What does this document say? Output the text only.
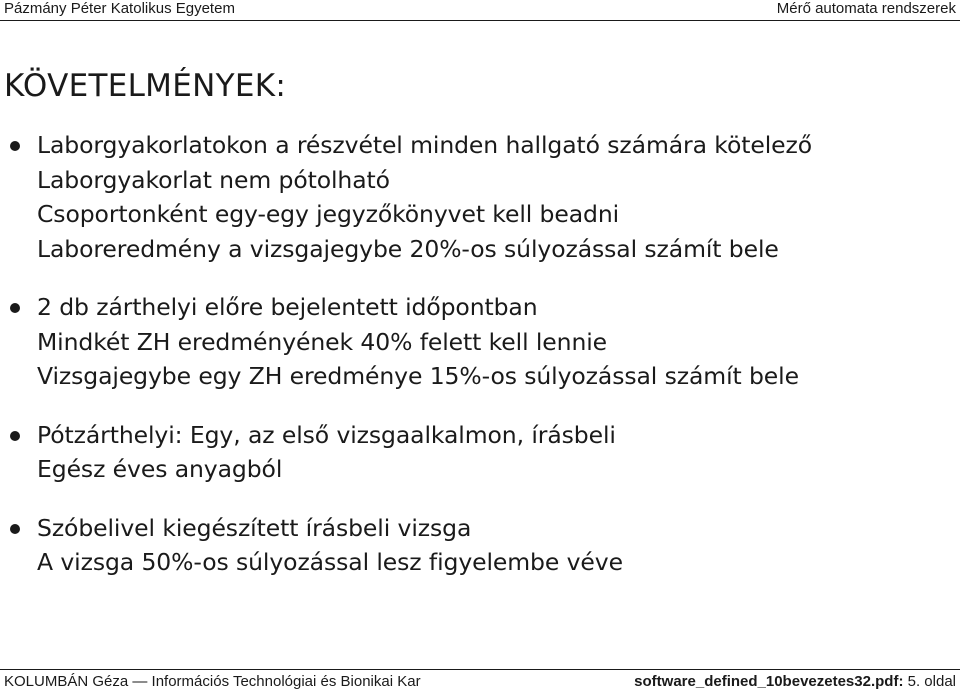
Pázmány Péter Katolikus Egyetem	Mérő automata rendszerek
KÖVETELMÉNYEK:
Laborgyakorlatokon a részvétel minden hallgató számára kötelező
Laborgyakorlat nem pótolható
Csoportonként egy-egy jegyzőkönyvet kell beadni
Laboreredmény a vizsgajegybe 20%-os súlyozással számít bele
2 db zárthelyi előre bejelentett időpontban
Mindkét ZH eredményének 40% felett kell lennie
Vizsgajegybe egy ZH eredménye 15%-os súlyozással számít bele
Pótzárthelyi: Egy, az első vizsgaalkalmon, írásbeli
Egész éves anyagból
Szóbelivel kiegészített írásbeli vizsga
A vizsga 50%-os súlyozással lesz figyelembe véve
KOLUMBÁN Géza — Információs Technológiai és Bionikai Kar	software_defined_10bevezetes32.pdf: 5. oldal
